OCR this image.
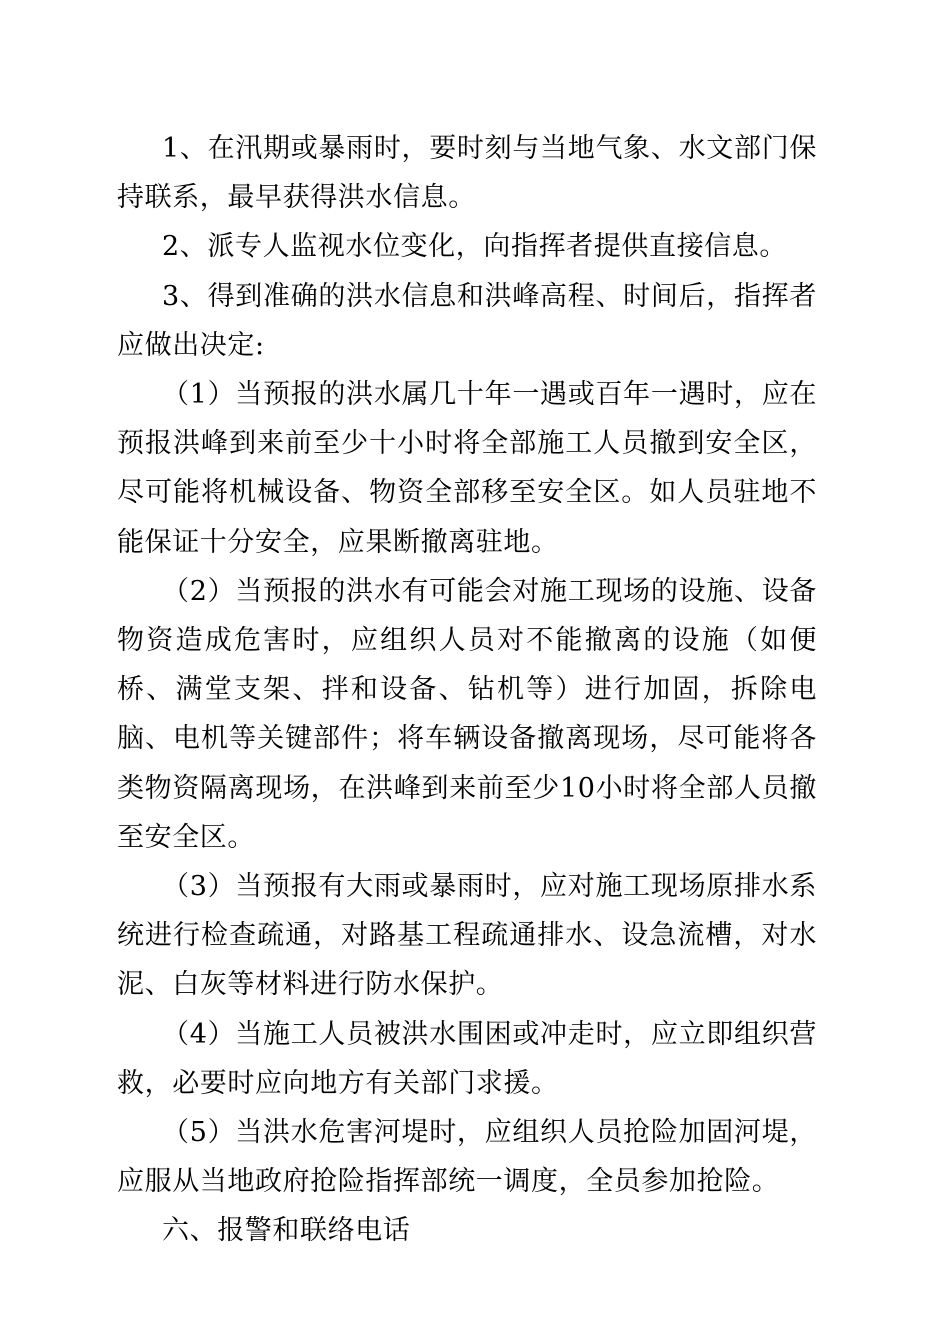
1、在汛期或暴雨时，要时刻与当地气象、水文部门保持联系，最早获得洪水信息。

2、派专人监视水位变化，向指挥者提供直接信息。

3、得到准确的洪水信息和洪峰高程、时间后，指挥者应做出决定:

（1）当预报的洪水属几十年一遇或百年一遇时，应在预报洪峰到来前至少十小时将全部施工人员撤到安全区，尽可能将机械设备、物资全部移至安全区。如人员驻地不能保证十分安全，应果断撤离驻地。

（2）当预报的洪水有可能会对施工现场的设施、设备物资造成危害时，应组织人员对不能撤离的设施（如便桥、满堂支架、拌和设备、钻机等）进行加固，拆除电脑、电机等关键部件；将车辆设备撤离现场，尽可能将各类物资隔离现场，在洪峰到来前至少10小时将全部人员撤至安全区。

（3）当预报有大雨或暴雨时，应对施工现场原排水系统进行检查疏通，对路基工程疏通排水、设急流槽，对水泥、白灰等材料进行防水保护。

（4）当施工人员被洪水围困或冲走时，应立即组织营救，必要时应向地方有关部门求援。

（5）当洪水危害河堤时，应组织人员抢险加固河堤，应服从当地政府抢险指挥部统一调度，全员参加抢险。

六、报警和联络电话
